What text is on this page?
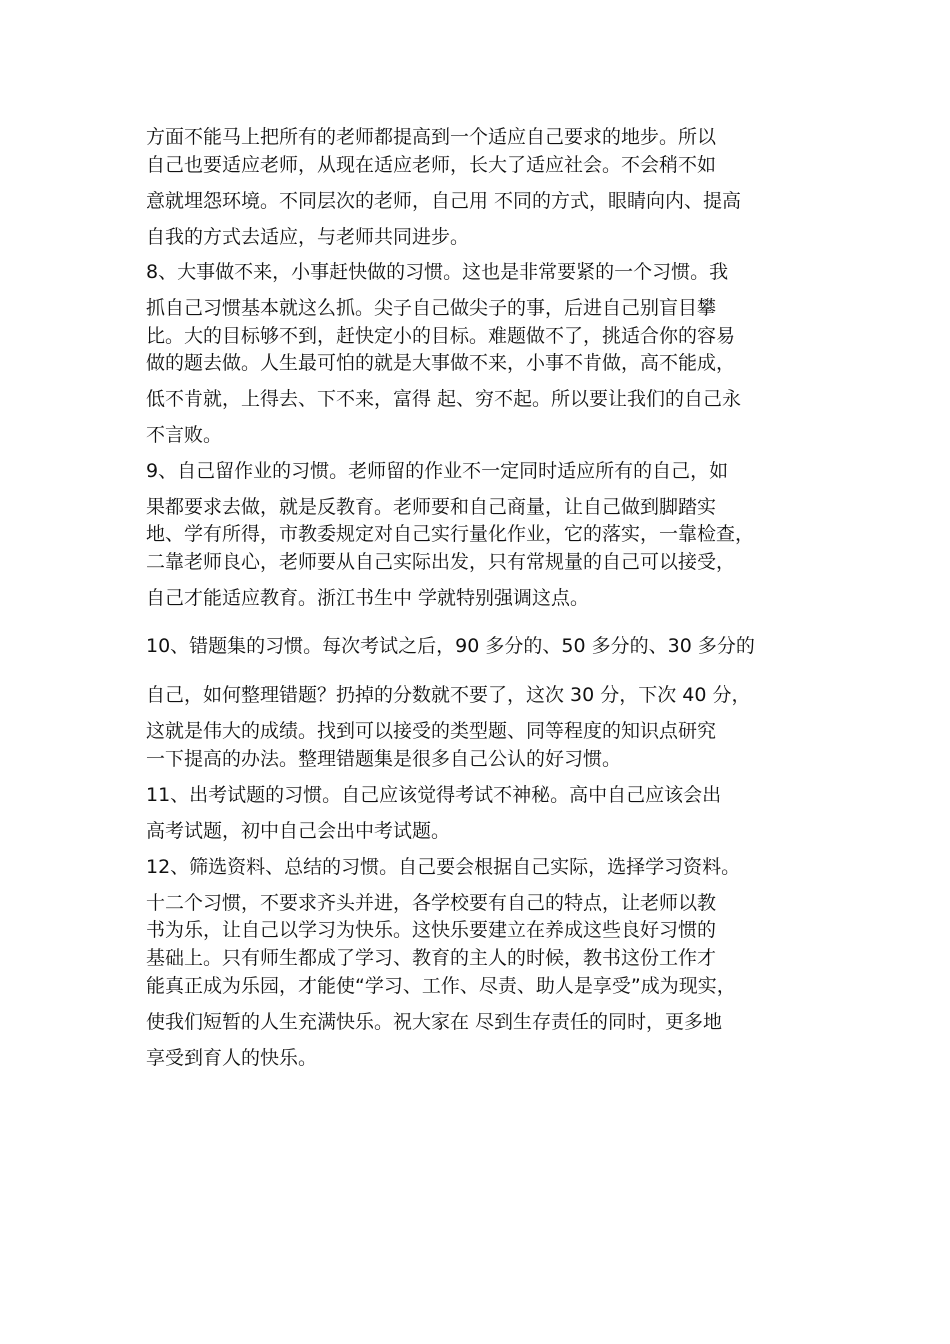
方面不能马上把所有的老师都提高到一个适应自己要求的地步。所以

自己也要适应老师，从现在适应老师，长大了适应社会。不会稍不如

意就埋怨环境。不同层次的老师，自己用 不同的方式，眼睛向内、提高

自我的方式去适应，与老师共同进步。

8、大事做不来，小事赶快做的习惯。这也是非常要紧的一个习惯。我

抓自己习惯基本就这么抓。尖子自己做尖子的事，后进自己别盲目攀

比。大的目标够不到，赶快定小的目标。难题做不了，挑适合你的容易

做的题去做。人生最可怕的就是大事做不来，小事不肯做，高不能成，

低不肯就，上得去、下不来，富得 起、穷不起。所以要让我们的自己永

不言败。

9、自己留作业的习惯。老师留的作业不一定同时适应所有的自己，如

果都要求去做，就是反教育。老师要和自己商量，让自己做到脚踏实

地、学有所得，市教委规定对自己实行量化作业，它的落实，一靠检查，

二靠老师良心，老师要从自己实际出发，只有常规量的自己可以接受，

自己才能适应教育。浙江书生中 学就特别强调这点。

10、错题集的习惯。每次考试之后，90 多分的、50 多分的、30 多分的

自己，如何整理错题？扔掉的分数就不要了，这次 30 分，下次 40 分，

这就是伟大的成绩。找到可以接受的类型题、同等程度的知识点研究

一下提高的办法。整理错题集是很多自己公认的好习惯。

11、出考试题的习惯。自己应该觉得考试不神秘。高中自己应该会出

高考试题，初中自己会出中考试题。

12、筛选资料、总结的习惯。自己要会根据自己实际，选择学习资料。

十二个习惯，不要求齐头并进，各学校要有自己的特点，让老师以教

书为乐，让自己以学习为快乐。这快乐要建立在养成这些良好习惯的

基础上。只有师生都成了学习、教育的主人的时候，教书这份工作才

能真正成为乐园，才能使“学习、工作、尽责、助人是享受”成为现实，

使我们短暂的人生充满快乐。祝大家在 尽到生存责任的同时，更多地

享受到育人的快乐。
